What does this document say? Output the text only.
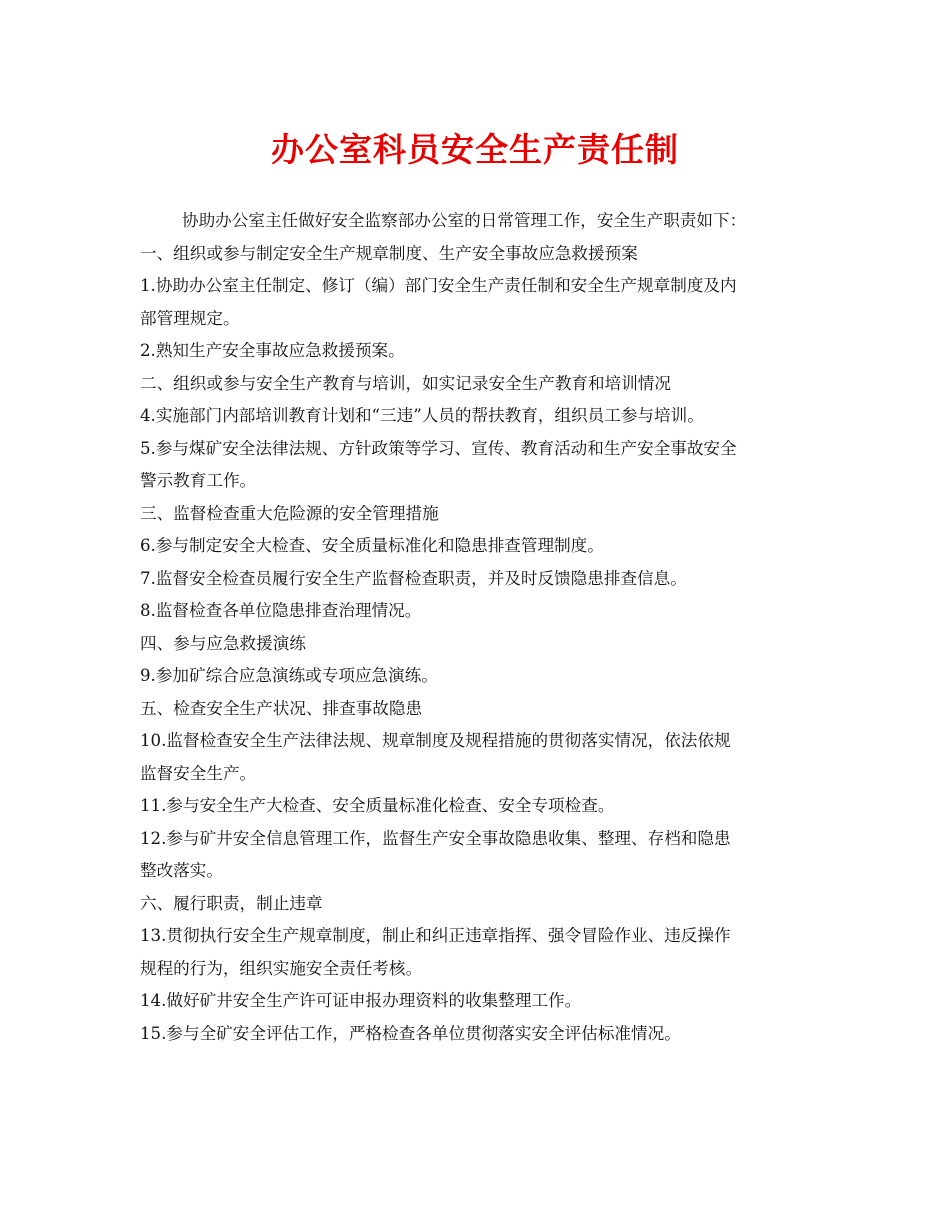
办公室科员安全生产责任制

协助办公室主任做好安全监察部办公室的日常管理工作，安全生产职责如下：

一、组织或参与制定安全生产规章制度、生产安全事故应急救援预案

1.协助办公室主任制定、修订（编）部门安全生产责任制和安全生产规章制度及内

部管理规定。

2.熟知生产安全事故应急救援预案。

二、组织或参与安全生产教育与培训，如实记录安全生产教育和培训情况

4.实施部门内部培训教育计划和“三违”人员的帮扶教育，组织员工参与培训。

5.参与煤矿安全法律法规、方针政策等学习、宣传、教育活动和生产安全事故安全

警示教育工作。

三、监督检查重大危险源的安全管理措施

6.参与制定安全大检查、安全质量标准化和隐患排查管理制度。

7.监督安全检查员履行安全生产监督检查职责，并及时反馈隐患排查信息。

8.监督检查各单位隐患排查治理情况。

四、参与应急救援演练

9.参加矿综合应急演练或专项应急演练。

五、检查安全生产状况、排查事故隐患

10.监督检查安全生产法律法规、规章制度及规程措施的贯彻落实情况，依法依规

监督安全生产。

11.参与安全生产大检查、安全质量标准化检查、安全专项检查。

12.参与矿井安全信息管理工作，监督生产安全事故隐患收集、整理、存档和隐患

整改落实。

六、履行职责，制止违章

13.贯彻执行安全生产规章制度，制止和纠正违章指挥、强令冒险作业、违反操作

规程的行为，组织实施安全责任考核。

14.做好矿井安全生产许可证申报办理资料的收集整理工作。

15.参与全矿安全评估工作，严格检查各单位贯彻落实安全评估标准情况。
